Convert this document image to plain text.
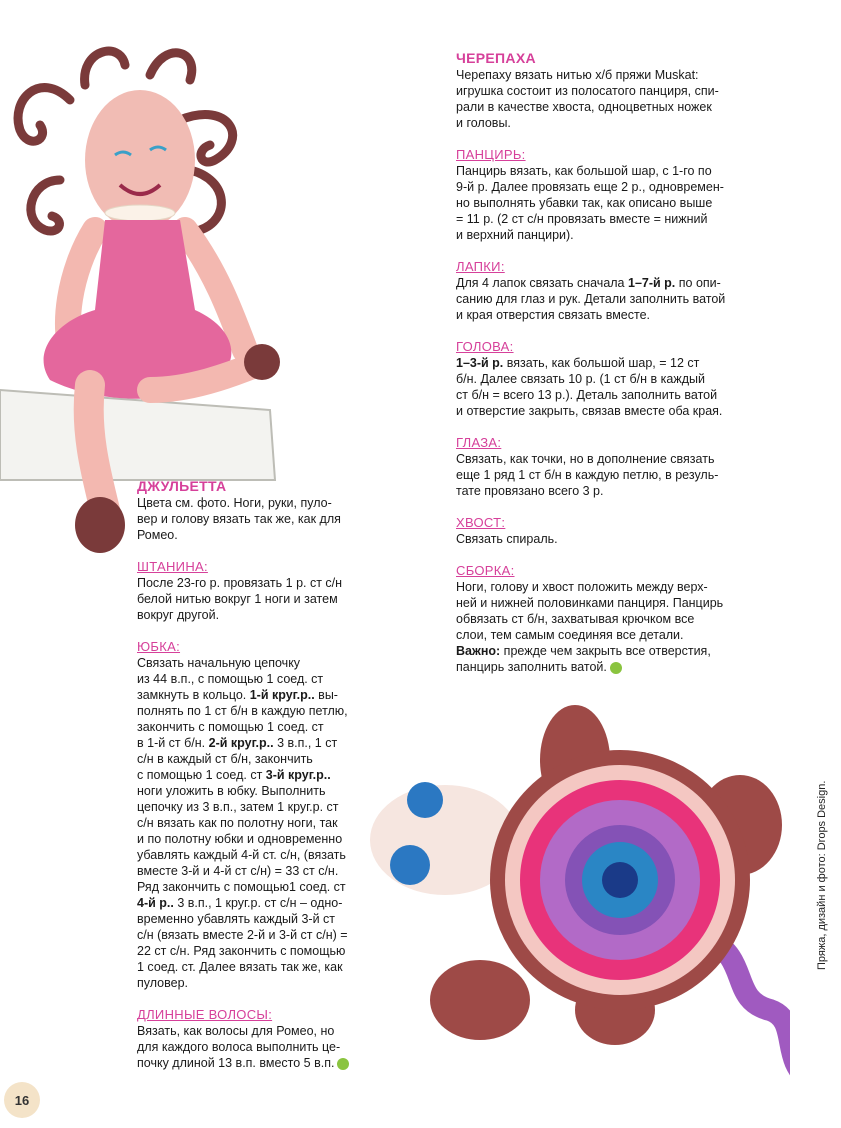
ДЖУЛЬЕТТА
Цвета см. фото. Ноги, руки, пуло-
вер и голову вязать так же, как для
Ромео.
ШТАНИНА:
После 23-го р. провязать 1 р. ст с/н
белой нитью вокруг 1 ноги и затем
вокруг другой.
ЮБКА:
Связать начальную цепочку
из 44 в.п., с помощью 1 соед. ст
замкнуть в кольцо. 1-й круг.р.. вы-
полнять по 1 ст б/н в каждую петлю,
закончить с помощью 1 соед. ст
в 1-й ст б/н. 2-й круг.р.. 3 в.п., 1 ст
с/н в каждый ст б/н, закончить
с помощью 1 соед. ст 3-й круг.р..
ноги уложить в юбку. Выполнить
цепочку из 3 в.п., затем 1 круг.р. ст
с/н вязать как по полотну ноги, так
и по полотну юбки и одновременно
убавлять каждый 4-й ст. с/н, (вязать
вместе 3-й и 4-й ст с/н) = 33 ст с/н.
Ряд закончить с помощью1 соед. ст
4-й р.. 3 в.п., 1 круг.р. ст с/н – одно-
временно убавлять каждый 3-й ст
с/н (вязать вместе 2-й и 3-й ст с/н) =
22 ст с/н. Ряд закончить с помощью
1 соед. ст. Далее вязать так же, как
пуловер.
ДЛИННЫЕ ВОЛОСЫ:
Вязать, как волосы для Ромео, но
для каждого волоса выполнить це-
почку длиной 13 в.п. вместо 5 в.п.
ЧЕРЕПАХА
Черепаху вязать нитью х/б пряжи Muskat:
игрушка состоит из полосатого панциря, спи-
рали в качестве хвоста, одноцветных ножек
и головы.
ПАНЦИРЬ:
Панцирь вязать, как большой шар, с 1-го по
9-й р. Далее провязать еще 2 р., одновремен-
но выполнять убавки так, как описано выше
= 11 р. (2 ст с/н провязать вместе = нижний
и верхний панцири).
ЛАПКИ:
Для 4 лапок связать сначала 1–7-й р. по опи-
санию для глаз и рук. Детали заполнить ватой
и края отверстия связать вместе.
ГОЛОВА:
1–3-й р. вязать, как большой шар, = 12 ст
б/н. Далее связать 10 р. (1 ст б/н в каждый
ст б/н = всего 13 р.). Деталь заполнить ватой
и отверстие закрыть, связав вместе оба края.
ГЛАЗА:
Связать, как точки, но в дополнение связать
еще 1 ряд 1 ст б/н в каждую петлю, в резуль-
тате провязано всего 3 р.
ХВОСТ:
Связать спираль.
СБОРКА:
Ноги, голову и хвост положить между верх-
ней и нижней половинками панциря. Панцирь
обвязать ст б/н, захватывая крючком все
слои, тем самым соединяя все детали.
Важно: прежде чем закрыть все отверстия,
панцирь заполнить ватой.
Пряжа, дизайн и фото: Drops Design.
16
